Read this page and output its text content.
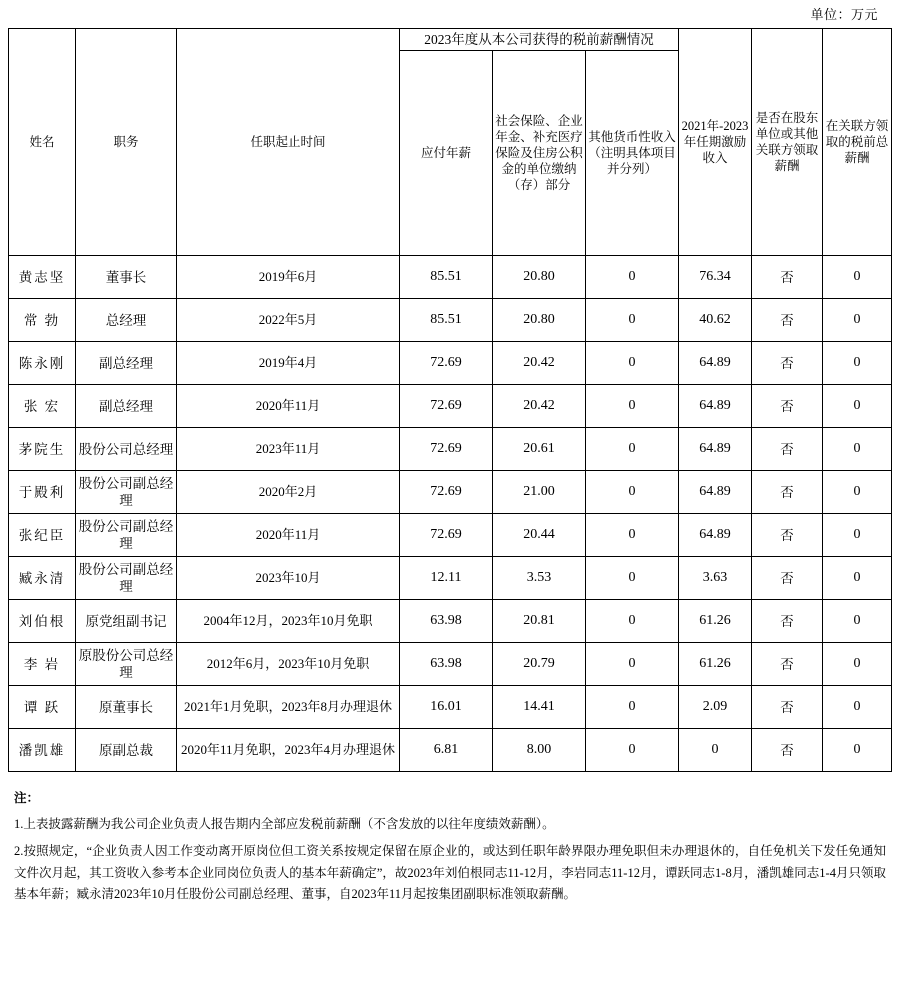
单位：万元
姓名	职务	任职起止时间	2023年度从本公司获得的税前薪酬情况			2021年-2023年任期激励收入	是否在股东单位或其他关联方领取薪酬	在关联方领取的税前总薪酬
			应付年薪	社会保险、企业年金、补充医疗保险及住房公积金的单位缴纳（存）部分	其他货币性收入（注明具体项目并分列）			
黄志坚	董事长	2019年6月	85.51	20.80	0	76.34	否	0
常 勃	总经理	2022年5月	85.51	20.80	0	40.62	否	0
陈永刚	副总经理	2019年4月	72.69	20.42	0	64.89	否	0
张 宏	副总经理	2020年11月	72.69	20.42	0	64.89	否	0
茅院生	股份公司总经理	2023年11月	72.69	20.61	0	64.89	否	0
于殿利	股份公司副总经理	2020年2月	72.69	21.00	0	64.89	否	0
张纪臣	股份公司副总经理	2020年11月	72.69	20.44	0	64.89	否	0
臧永清	股份公司副总经理	2023年10月	12.11	3.53	0	3.63	否	0
刘伯根	原党组副书记	2004年12月，2023年10月免职	63.98	20.81	0	61.26	否	0
李 岩	原股份公司总经理	2012年6月，2023年10月免职	63.98	20.79	0	61.26	否	0
谭 跃	原董事长	2021年1月免职，2023年8月办理退休	16.01	14.41	0	2.09	否	0
潘凯雄	原副总裁	2020年11月免职，2023年4月办理退休	6.81	8.00	0	0	否	0
注：

1.上表披露薪酬为我公司企业负责人报告期内全部应发税前薪酬（不含发放的以往年度绩效薪酬）。

2.按照规定，“企业负责人因工作变动离开原岗位但工资关系按规定保留在原企业的，或达到任职年龄界限办理免职但未办理退休的，自任免机关下发任免通知文件次月起，其工资收入参考本企业同岗位负责人的基本年薪确定”，故2023年刘伯根同志11-12月，李岩同志11-12月，谭跃同志1-8月，潘凯雄同志1-4月只领取基本年薪；臧永清2023年10月任股份公司副总经理、董事，自2023年11月起按集团副职标准领取薪酬。
